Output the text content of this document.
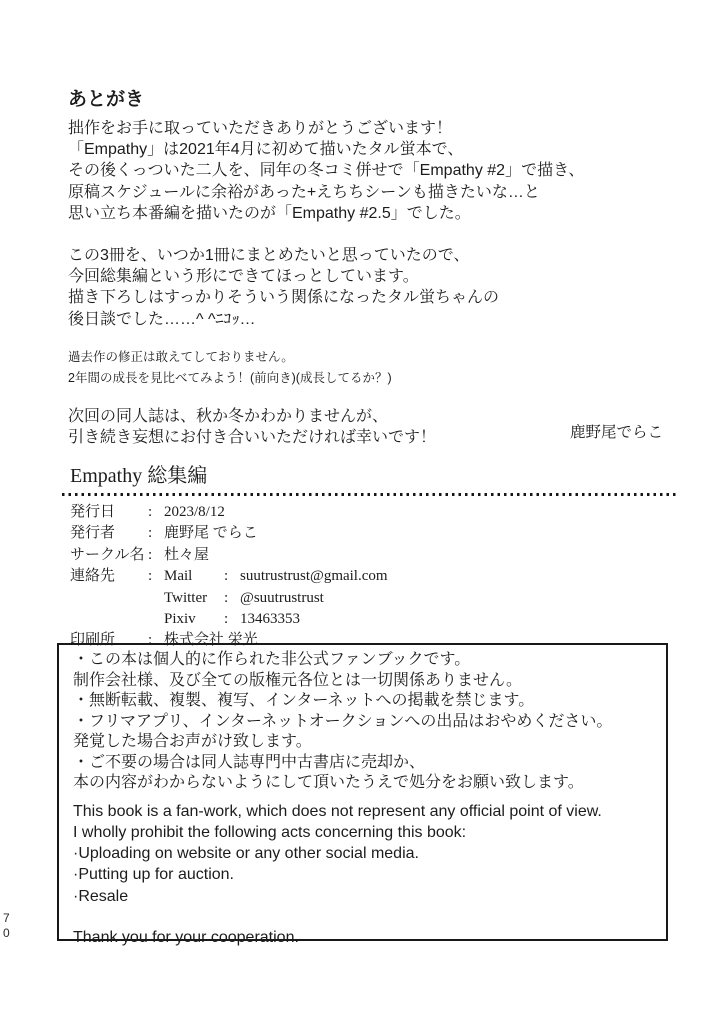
あとがき
拙作をお手に取っていただきありがとうございます！
「Empathy」は2021年4月に初めて描いたタル蛍本で、
その後くっついた二人を、同年の冬コミ併せで「Empathy #2」で描き、
原稿スケジュールに余裕があった+えちちシーンも描きたいな…と
思い立ち本番編を描いたのが「Empathy #2.5」でした。
この3冊を、いつか1冊にまとめたいと思っていたので、
今回総集編という形にできてほっとしています。
描き下ろしはすっかりそういう関係になったタル蛍ちゃんの
後日談でした……^ ^ﾆｺｯ…
過去作の修正は敢えてしておりません。
2年間の成長を見比べてみよう！(前向き)(成長してるか？)
次回の同人誌は、秋か冬かわかりませんが、
引き続き妄想にお付き合いいただければ幸いです！	鹿野尾でらこ
Empathy 総集編
発行日	: 2023/8/12
発行者	: 鹿野尾 でらこ
サークル名 : 杜々屋
連絡先	: Mail	: suutrustrust@gmail.com
Twitter	: @suutrustrust
Pixiv	: 13463353
印刷所	: 株式会社 栄光
・この本は個人的に作られた非公式ファンブックです。
制作会社様、及び全ての版権元各位とは一切関係ありません。
・無断転載、複製、複写、インターネットへの掲載を禁じます。
・フリマアプリ、インターネットオークションへの出品はおやめください。
発覚した場合お声がけ致します。
・ご不要の場合は同人誌専門中古書店に売却か、
本の内容がわからないようにして頂いたうえで処分をお願い致します。
This book is a fan-work, which does not represent any official point of view.
I wholly prohibit the following acts concerning this book:
·Uploading on website or any other social media.
·Putting up for auction.
·Resale
Thank you for your cooperation.
70
